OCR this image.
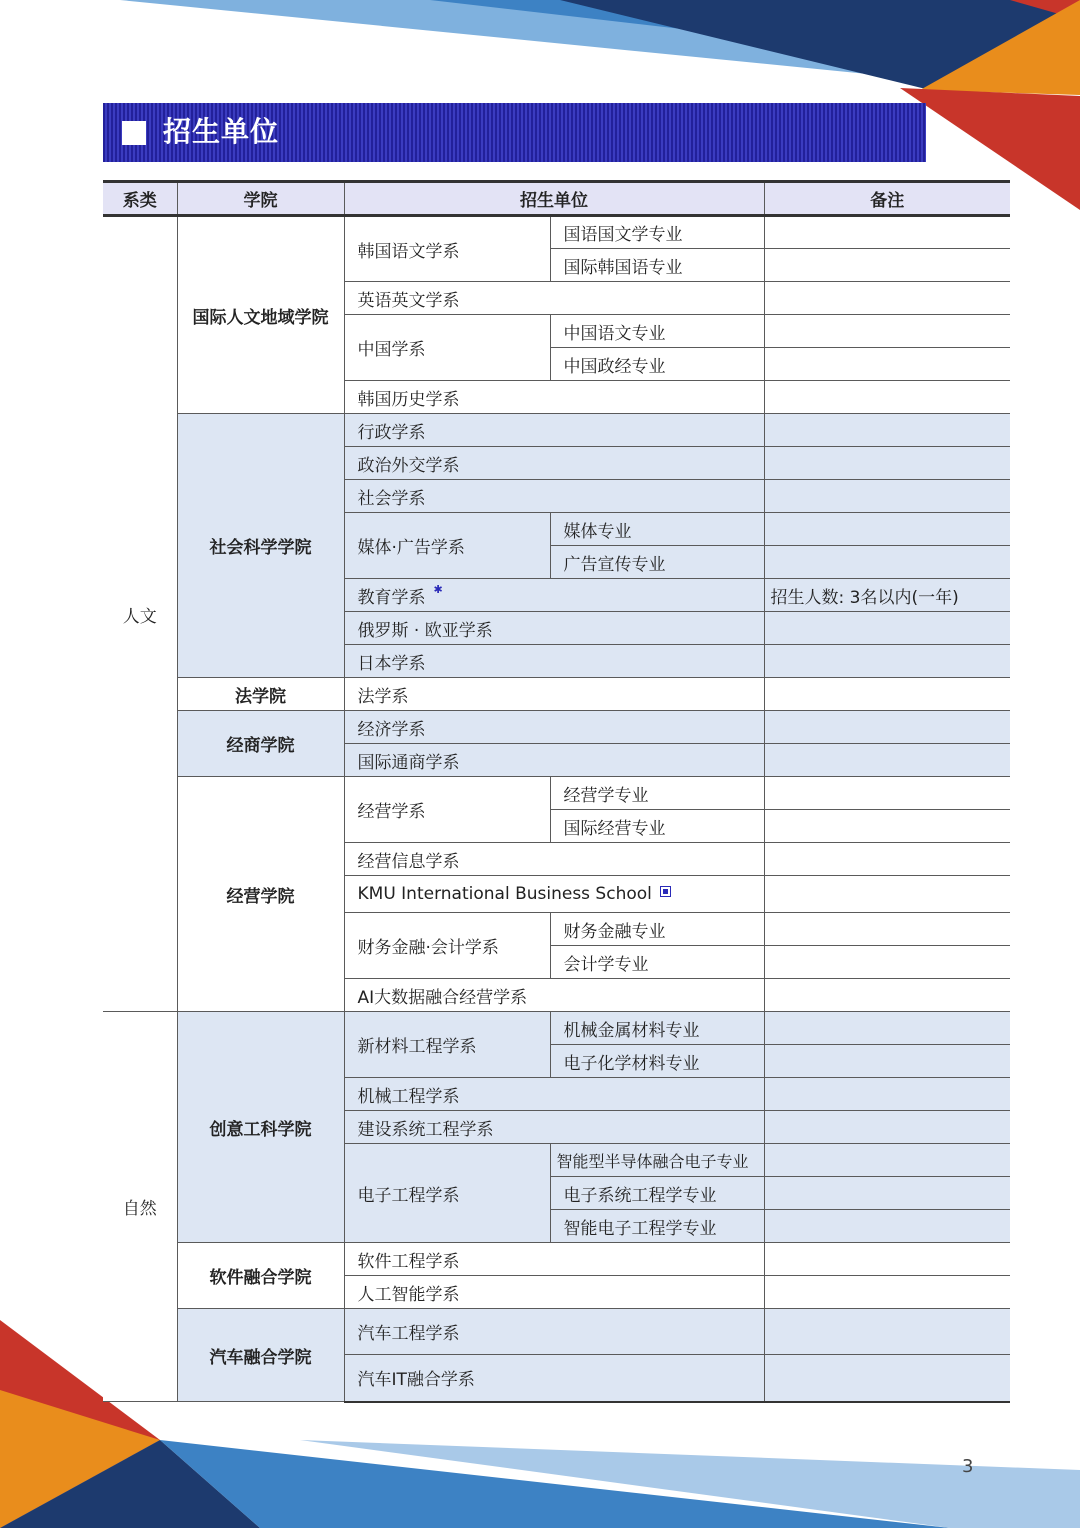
招生单位
系类	学院	招生单位		备注
人文	国际人文地域学院	韩国语文学系	国语国文学专业	
			国际韩国语专业	
		英语英文学系		
		中国学系	中国语文专业	
			中国政经专业	
		韩国历史学系		
	社会科学学院	行政学系		
		政治外交学系		
		社会学系		
		媒体·广告学系	媒体专业	
			广告宣传专业	
		教育学系 ✱		招生人数: 3名以内(一年)
		俄罗斯 · 欧亚学系		
		日本学系		
	法学院	法学系		
	经商学院	经济学系		
		国际通商学系		
	经营学院	经营学系	经营学专业	
			国际经营专业	
		经营信息学系		
		KMU International Business School		
		财务金融·会计学系	财务金融专业	
			会计学专业	
		AI大数据融合经营学系		
自然	创意工科学院	新材料工程学系	机械金属材料专业	
			电子化学材料专业	
		机械工程学系		
		建设系统工程学系		
		电子工程学系	智能型半导体融合电子专业	
			电子系统工程学专业	
			智能电子工程学专业	
	软件融合学院	软件工程学系		
		人工智能学系		
	汽车融合学院	汽车工程学系		
		汽车IT融合学系		
3
